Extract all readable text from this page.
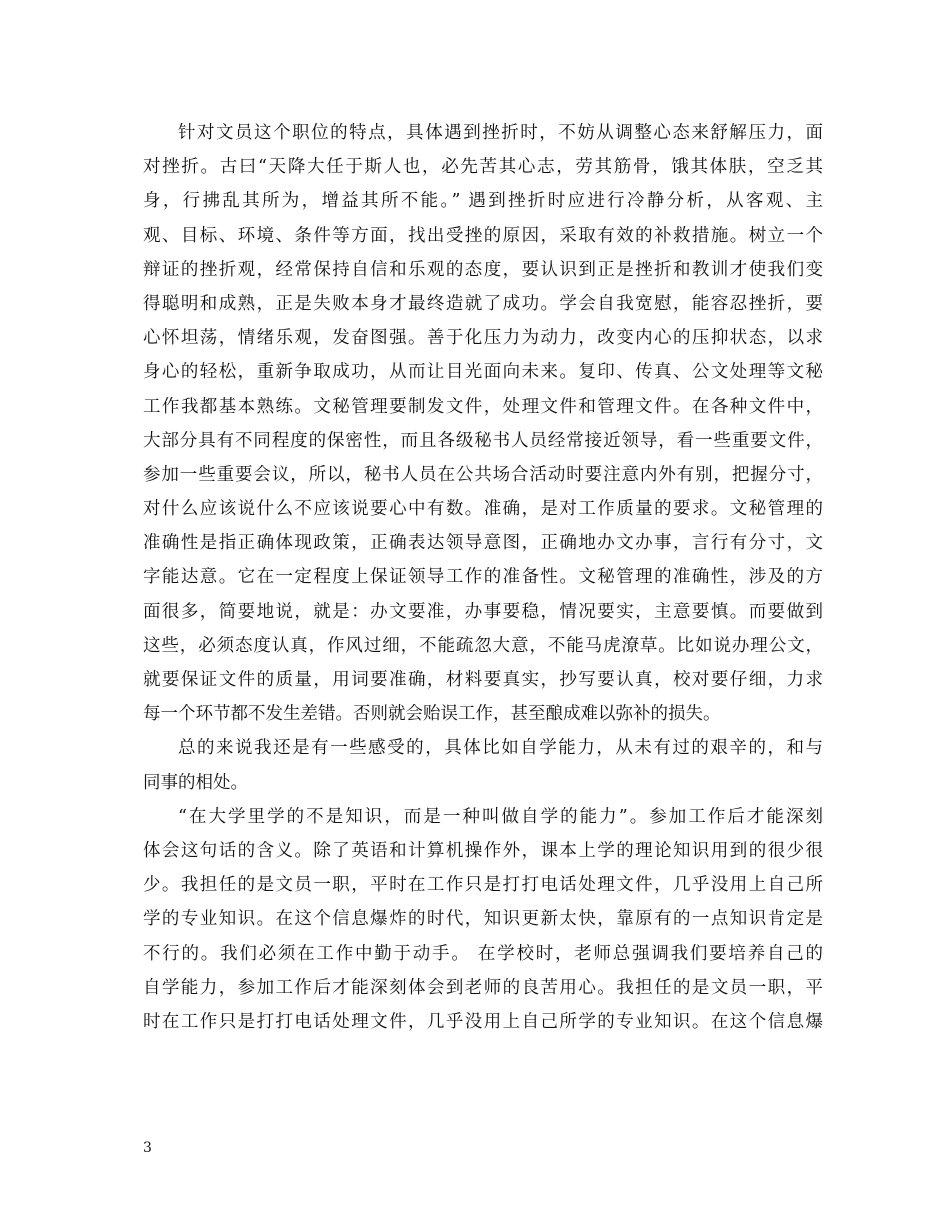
针对文员这个职位的特点，具体遇到挫折时，不妨从调整心态来舒解压力，面
对挫折。古曰“天降大任于斯人也，必先苦其心志，劳其筋骨，饿其体肤，空乏其
身，行拂乱其所为，增益其所不能。” 遇到挫折时应进行冷静分析，从客观、主
观、目标、环境、条件等方面，找出受挫的原因，采取有效的补救措施。树立一个
辩证的挫折观，经常保持自信和乐观的态度，要认识到正是挫折和教训才使我们变
得聪明和成熟，正是失败本身才最终造就了成功。学会自我宽慰，能容忍挫折，要
心怀坦荡，情绪乐观，发奋图强。善于化压力为动力，改变内心的压抑状态，以求
身心的轻松，重新争取成功，从而让目光面向未来。复印、传真、公文处理等文秘
工作我都基本熟练。文秘管理要制发文件，处理文件和管理文件。在各种文件中，
大部分具有不同程度的保密性，而且各级秘书人员经常接近领导，看一些重要文件，
参加一些重要会议，所以，秘书人员在公共场合活动时要注意内外有别，把握分寸，
对什么应该说什么不应该说要心中有数。准确，是对工作质量的要求。文秘管理的
准确性是指正确体现政策，正确表达领导意图，正确地办文办事，言行有分寸，文
字能达意。它在一定程度上保证领导工作的准备性。文秘管理的准确性，涉及的方
面很多，简要地说，就是：办文要准，办事要稳，情况要实，主意要慎。而要做到
这些，必须态度认真，作风过细，不能疏忽大意，不能马虎潦草。比如说办理公文，
就要保证文件的质量，用词要准确，材料要真实，抄写要认真，校对要仔细，力求
每一个环节都不发生差错。否则就会贻误工作，甚至酿成难以弥补的损失。
总的来说我还是有一些感受的，具体比如自学能力，从未有过的艰辛的，和与
同事的相处。
“在大学里学的不是知识，而是一种叫做自学的能力”。参加工作后才能深刻
体会这句话的含义。除了英语和计算机操作外，课本上学的理论知识用到的很少很
少。我担任的是文员一职，平时在工作只是打打电话处理文件，几乎没用上自己所
学的专业知识。在这个信息爆炸的时代，知识更新太快，靠原有的一点知识肯定是
不行的。我们必须在工作中勤于动手。 在学校时，老师总强调我们要培养自己的
自学能力，参加工作后才能深刻体会到老师的良苦用心。我担任的是文员一职，平
时在工作只是打打电话处理文件，几乎没用上自己所学的专业知识。在这个信息爆
3
